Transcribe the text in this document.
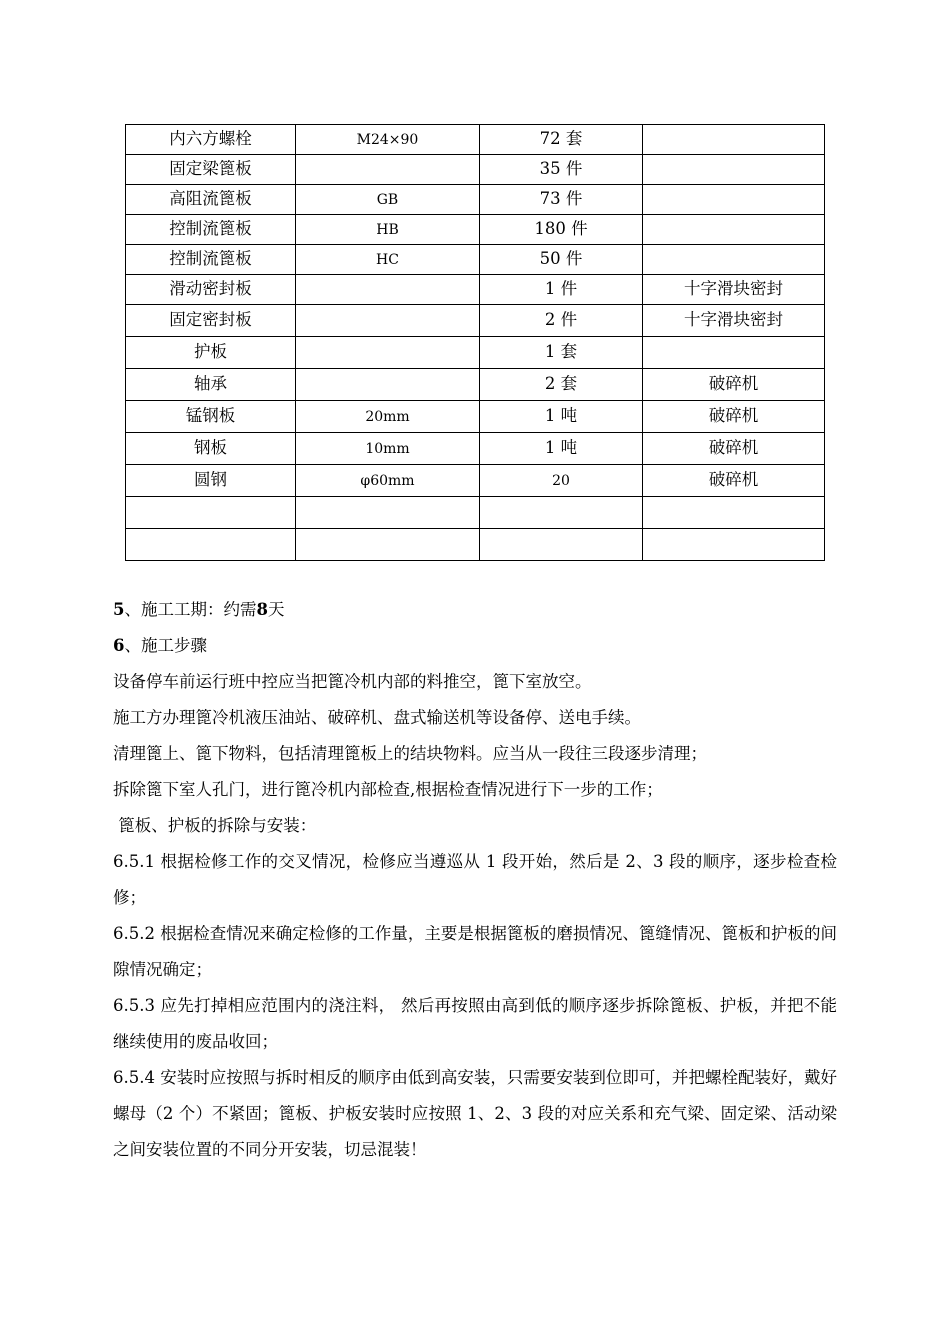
内六方螺栓	M24×90	72 套	
固定梁篦板		35 件	
高阻流篦板	GB	73 件	
控制流篦板	HB	180 件	
控制流篦板	HC	50 件	
滑动密封板		1 件	十字滑块密封
固定密封板		2 件	十字滑块密封
护板		1 套	
轴承		2 套	破碎机
锰钢板	20mm	1 吨	破碎机
钢板	10mm	1 吨	破碎机
圆钢	φ60mm	20	破碎机

5、施工工期：约需8天

6、施工步骤

设备停车前运行班中控应当把篦冷机内部的料推空，篦下室放空。

施工方办理篦冷机液压油站、破碎机、盘式输送机等设备停、送电手续。

清理篦上、篦下物料，包括清理篦板上的结块物料。应当从一段往三段逐步清理；

拆除篦下室人孔门，进行篦冷机内部检查,根据检查情况进行下一步的工作；

篦板、护板的拆除与安装：

6.5.1 根据检修工作的交叉情况，检修应当遵巡从 1 段开始，然后是 2、3 段的顺序，逐步检查检修；

6.5.2 根据检查情况来确定检修的工作量，主要是根据篦板的磨损情况、篦缝情况、篦板和护板的间隙情况确定；

6.5.3 应先打掉相应范围内的浇注料， 然后再按照由高到低的顺序逐步拆除篦板、护板，并把不能继续使用的废品收回；

6.5.4 安装时应按照与拆时相反的顺序由低到高安装，只需要安装到位即可，并把螺栓配装好，戴好螺母（2 个）不紧固；篦板、护板安装时应按照 1、2、3 段的对应关系和充气梁、固定梁、活动梁之间安装位置的不同分开安装，切忌混装！
